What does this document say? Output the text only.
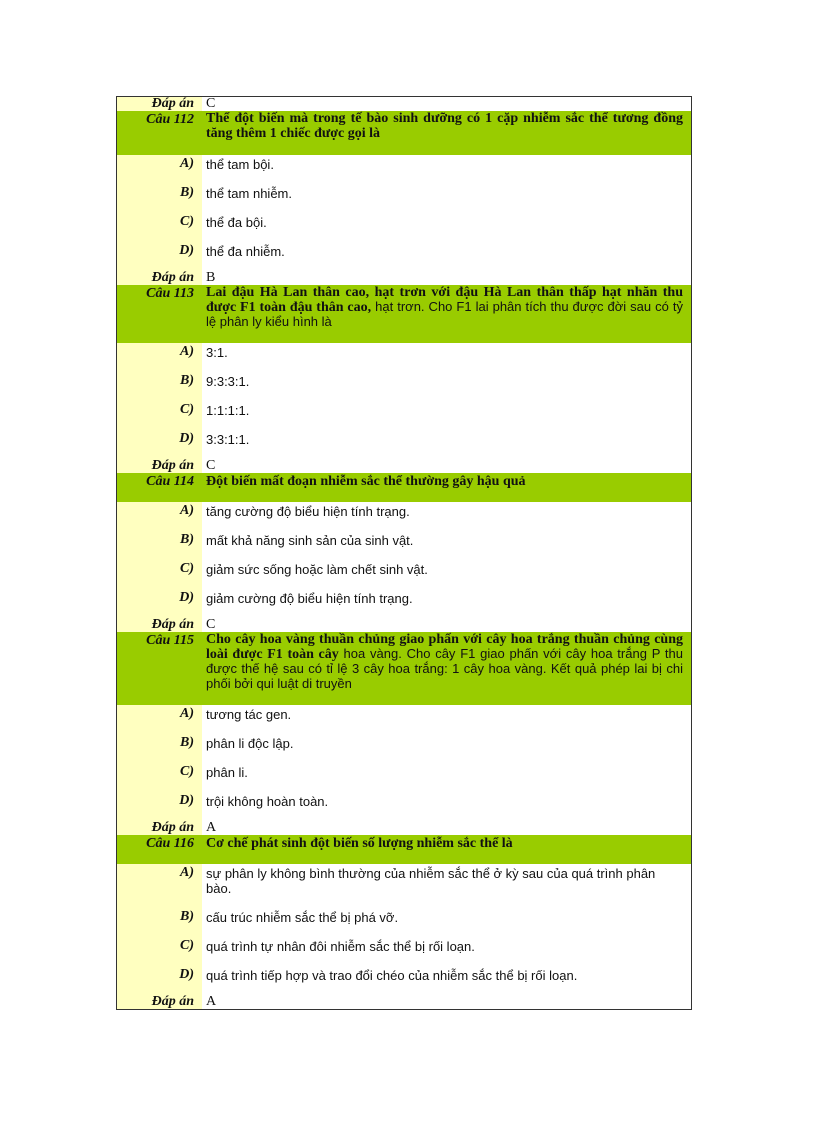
Đáp án C
Câu 112 Thể đột biến mà trong tế bào sinh dưỡng có 1 cặp nhiễm sắc thể tương đồng tăng thêm 1 chiếc được gọi là
A) thể tam bội.
B) thể tam nhiễm.
C) thể đa bội.
D) thể đa nhiễm.
Đáp án B
Câu 113 Lai đậu Hà Lan thân cao, hạt trơn với đậu Hà Lan thân thấp hạt nhăn thu được F1 toàn đậu thân cao, hạt trơn. Cho F1 lai phân tích thu được đời sau có tỷ lệ phân ly kiểu hình là
A) 3:1.
B) 9:3:3:1.
C) 1:1:1:1.
D) 3:3:1:1.
Đáp án C
Câu 114 Đột biến mất đoạn nhiễm sắc thể thường gây hậu quả
A) tăng cường độ biểu hiện tính trạng.
B) mất khả năng sinh sản của sinh vật.
C) giảm sức sống hoặc làm chết sinh vật.
D) giảm cường độ biểu hiện tính trạng.
Đáp án C
Câu 115 Cho cây hoa vàng thuần chủng giao phấn với cây hoa trắng thuần chủng cùng loài được F1 toàn cây hoa vàng. Cho cây F1 giao phấn với cây hoa trắng P thu được thế hệ sau có tỉ lệ 3 cây hoa trắng: 1 cây hoa vàng. Kết quả phép lai bị chi phối bởi qui luật di truyền
A) tương tác gen.
B) phân li độc lập.
C) phân li.
D) trội không hoàn toàn.
Đáp án A
Câu 116 Cơ chế phát sinh đột biến số lượng nhiễm sắc thể là
A) sự phân ly không bình thường của nhiễm sắc thể ở kỳ sau của quá trình phân bào.
B) cấu trúc nhiễm sắc thể bị phá vỡ.
C) quá trình tự nhân đôi nhiễm sắc thể bị rối loạn.
D) quá trình tiếp hợp và trao đổi chéo của nhiễm sắc thể bị rối loạn.
Đáp án A
